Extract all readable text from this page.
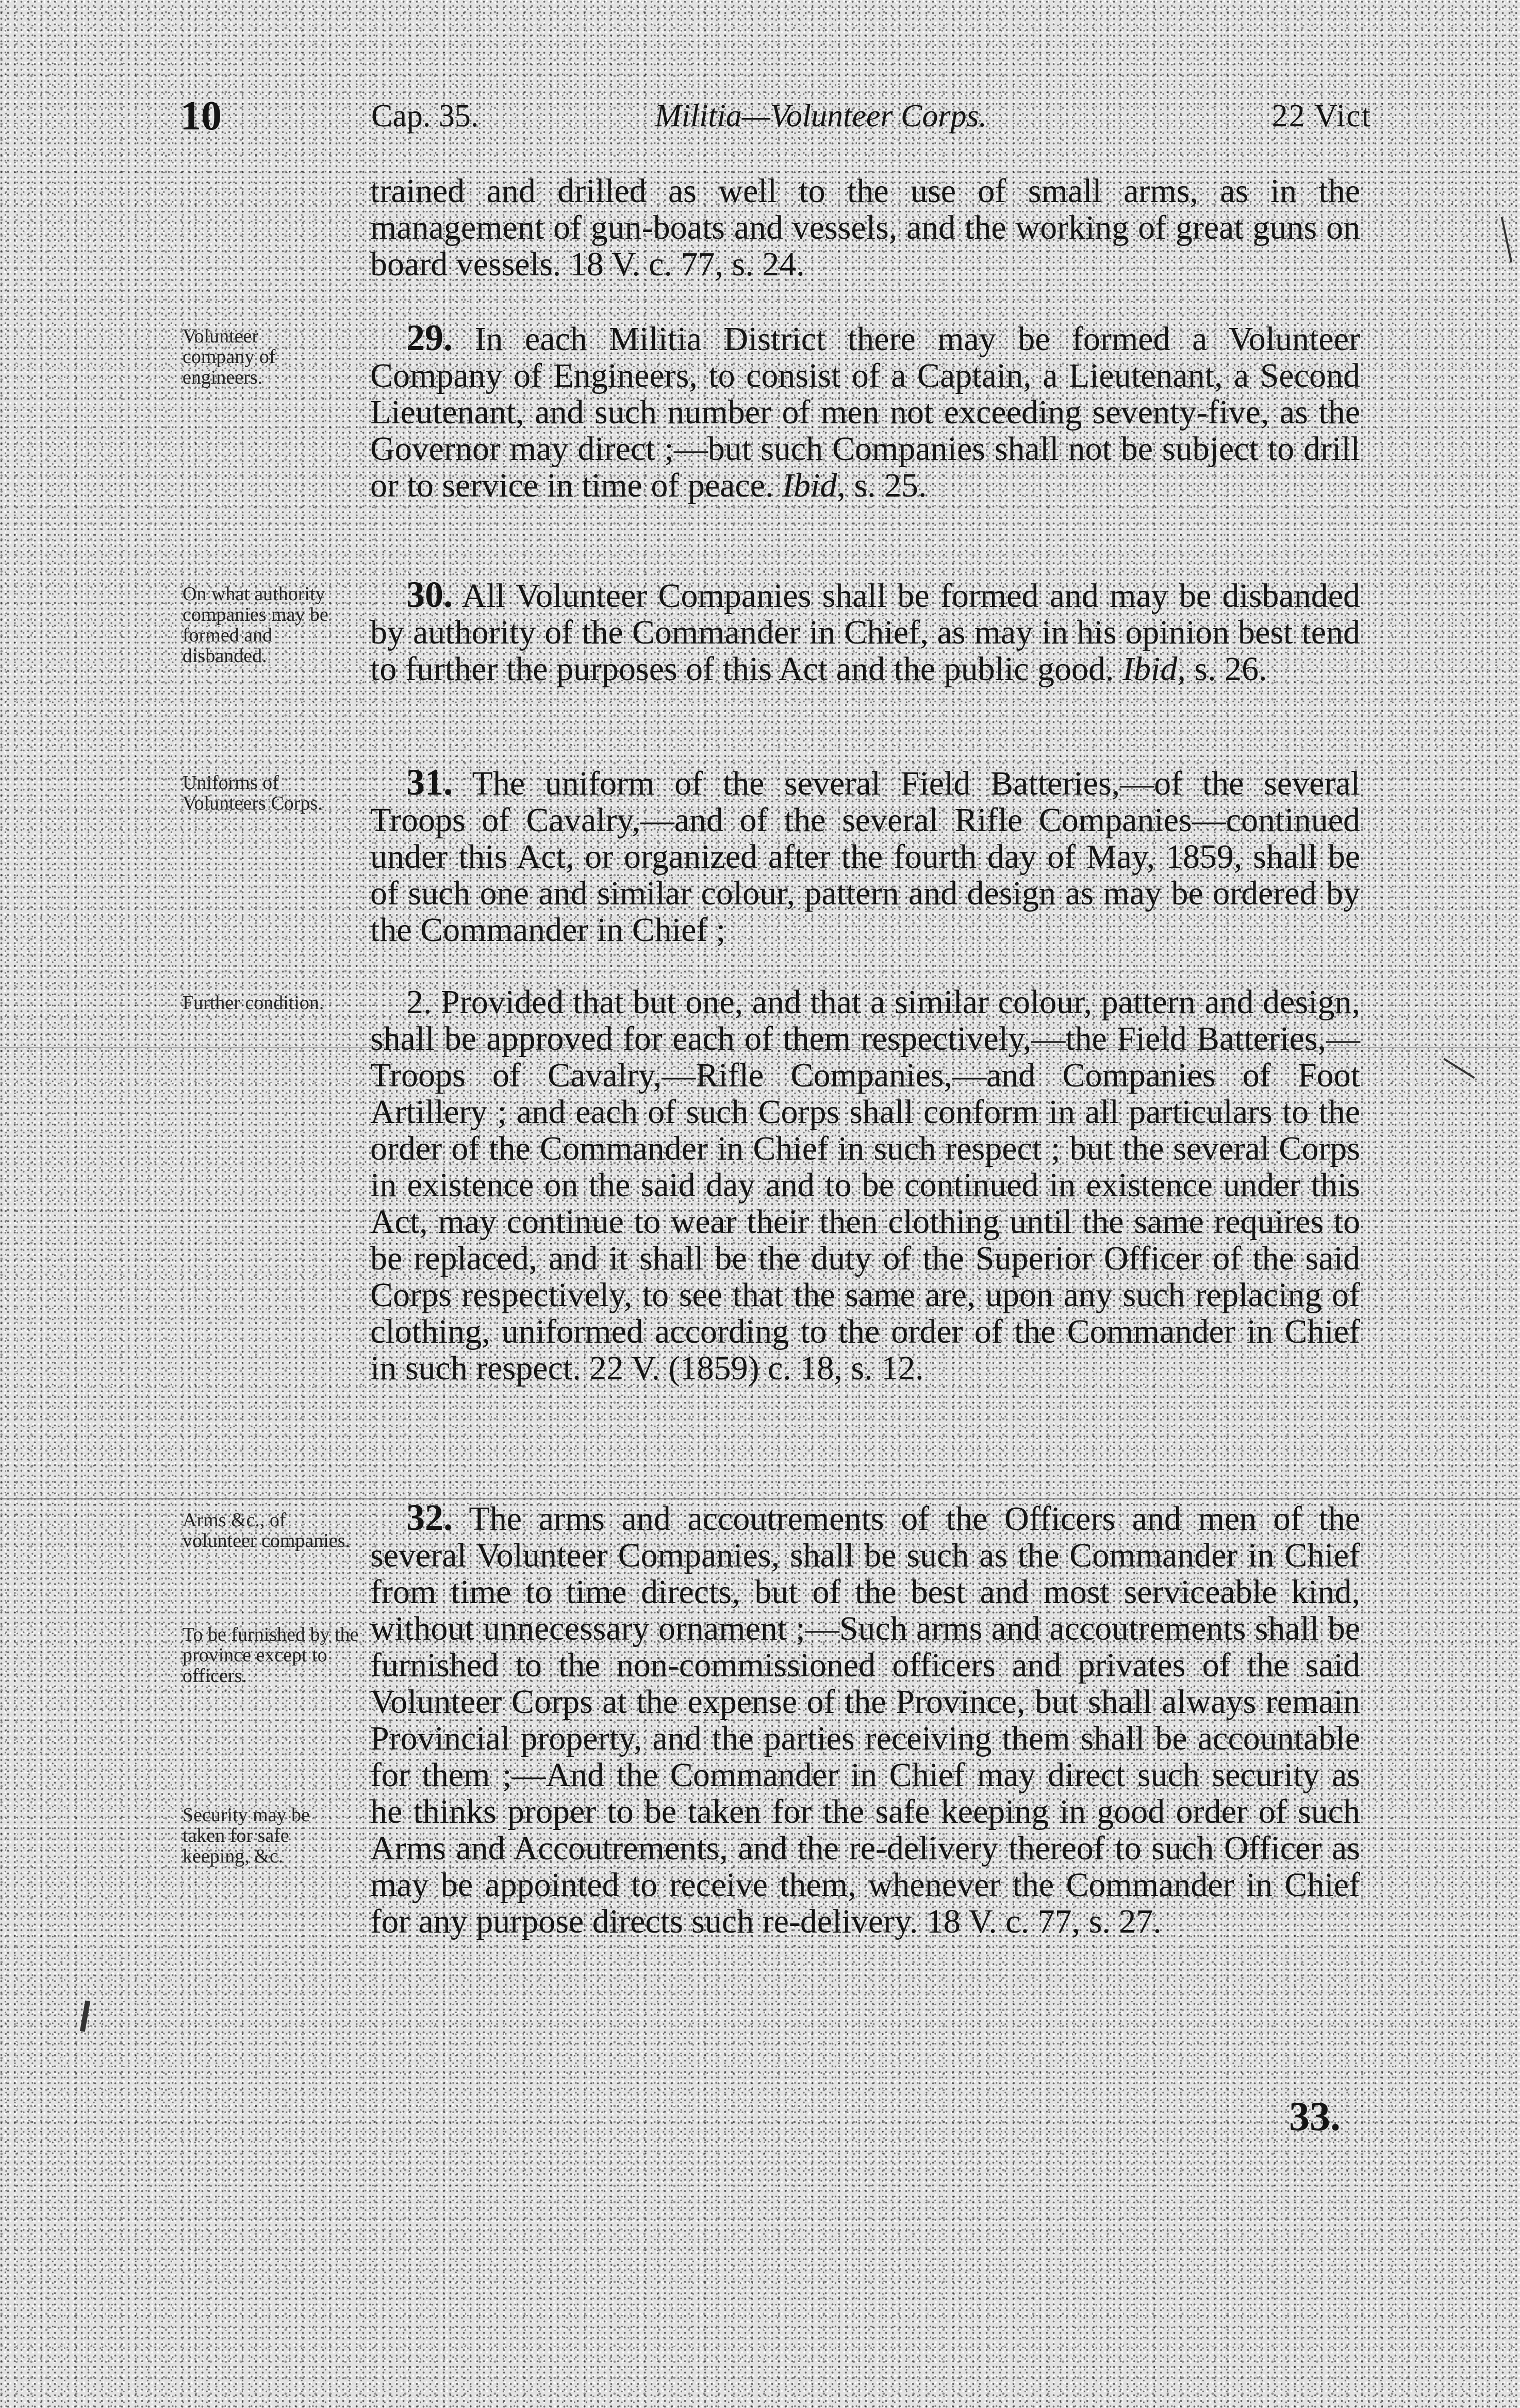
10	Cap. 35.	Militia—Volunteer Corps.	22 Vict

trained and drilled as well to the use of small arms, as in the management of gun-boats and vessels, and the working of great guns on board vessels. 18 V. c. 77, s. 24.

Volunteer company of engineers.

29. In each Militia District there may be formed a Volunteer Company of Engineers, to consist of a Captain, a Lieutenant, a Second Lieutenant, and such number of men not exceeding seventy-five, as the Governor may direct ;—but such Companies shall not be subject to drill or to service in time of peace. Ibid, s. 25.

On what authority companies may be formed and disbanded.

30. All Volunteer Companies shall be formed and may be disbanded by authority of the Commander in Chief, as may in his opinion best tend to further the purposes of this Act and the public good. Ibid, s. 26.

Uniforms of Volunteers Corps.

31. The uniform of the several Field Batteries,—of the several Troops of Cavalry,—and of the several Rifle Companies—continued under this Act, or organized after the fourth day of May, 1859, shall be of such one and similar colour, pattern and design as may be ordered by the Commander in Chief ;

Further condition.	2. Provided that but one, and that a similar colour, pattern and design, shall be approved for each of them respectively,—the Field Batteries,—Troops of Cavalry,—Rifle Companies,—and Companies of Foot Artillery ; and each of such Corps shall conform in all particulars to the order of the Commander in Chief in such respect ; but the several Corps in existence on the said day and to be continued in existence under this Act, may continue to wear their then clothing until the same requires to be replaced, and it shall be the duty of the Superior Officer of the said Corps respectively, to see that the same are, upon any such replacing of clothing, uniformed according to the order of the Commander in Chief in such respect. 22 V. (1859) c. 18, s. 12.

Arms &c., of volunteer companies.

To be furnished by the province except to officers.

Security may be taken for safe keeping, &c.

32. The arms and accoutrements of the Officers and men of the several Volunteer Companies, shall be such as the Commander in Chief from time to time directs, but of the best and most serviceable kind, without unnecessary ornament ;—Such arms and accoutrements shall be furnished to the non-commissioned officers and privates of the said Volunteer Corps at the expense of the Province, but shall always remain Provincial property, and the parties receiving them shall be accountable for them ;—And the Commander in Chief may direct such security as he thinks proper to be taken for the safe keeping in good order of such Arms and Accoutrements, and the re-delivery thereof to such Officer as may be appointed to receive them, whenever the Commander in Chief for any purpose directs such re-delivery. 18 V. c. 77, s. 27.

33.
